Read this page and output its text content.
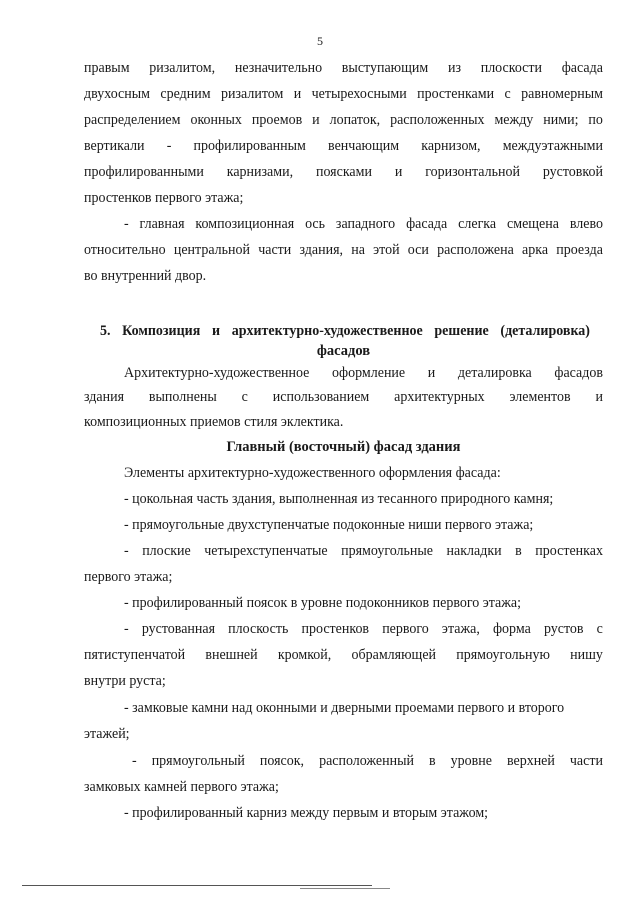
5
правым ризалитом, незначительно выступающим из плоскости фасада
двухосным средним ризалитом и четырехосными простенками с равномерным
распределением оконных проемов и лопаток, расположенных между ними; по
вертикали - профилированным венчающим карнизом, междуэтажными
профилированными карнизами, поясками и горизонтальной рустовкой
простенков первого этажа;
- главная композиционная ось западного фасада слегка смещена влево
относительно центральной части здания, на этой оси расположена арка проезда
во внутренний двор.
5. Композиция и архитектурно-художественное решение (деталировка)
фасадов
Архитектурно-художественное оформление и деталировка фасадов
здания выполнены с использованием архитектурных элементов и
композиционных приемов стиля эклектика.
Главный (восточный) фасад здания
Элементы архитектурно-художественного оформления фасада:
- цокольная часть здания, выполненная из тесанного природного камня;
- прямоугольные двухступенчатые подоконные ниши первого этажа;
- плоские четырехступенчатые прямоугольные накладки в простенках
первого этажа;
- профилированный поясок в уровне подоконников первого этажа;
- рустованная плоскость простенков первого этажа, форма рустов с
пятиступенчатой внешней кромкой, обрамляющей прямоугольную нишу
внутри руста;
- замковые камни над оконными и дверными проемами первого и второго
этажей;
- прямоугольный поясок, расположенный в уровне верхней части
замковых камней первого этажа;
- профилированный карниз между первым и вторым этажом;
